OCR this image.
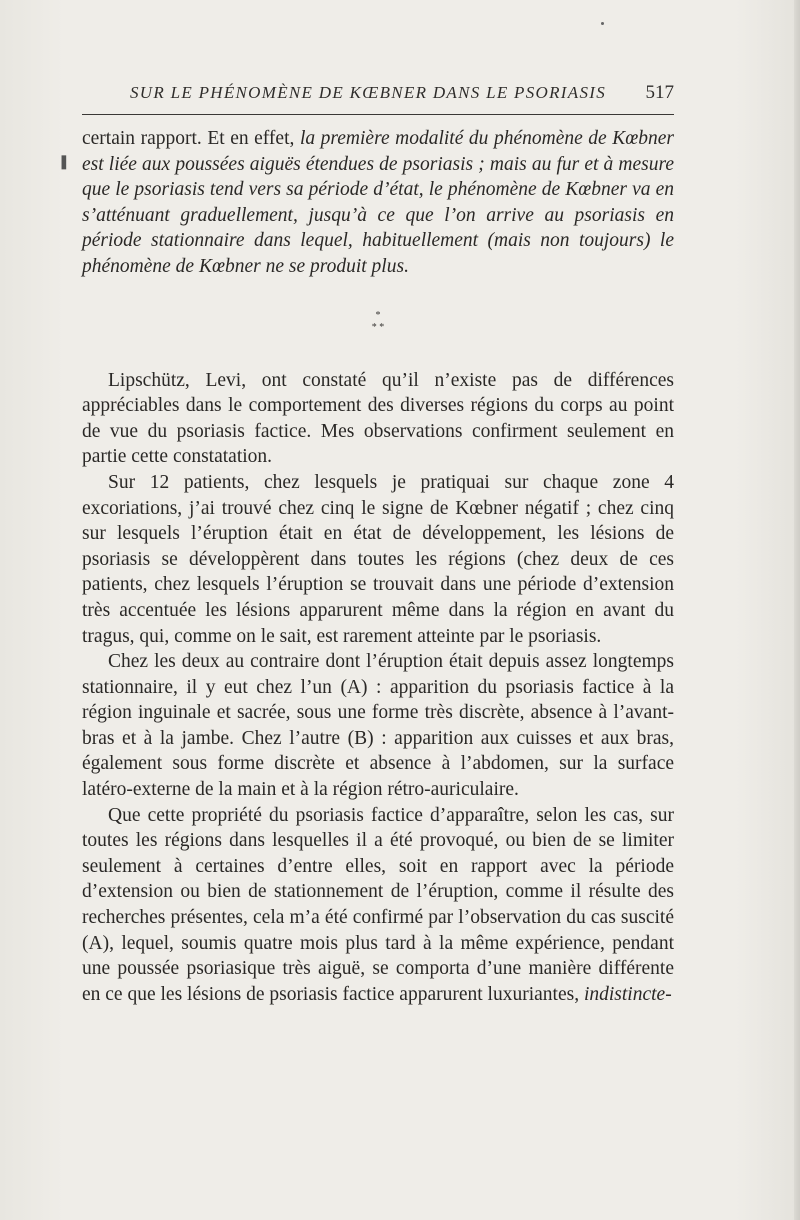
SUR LE PHÉNOMÈNE DE KŒBNER DANS LE PSORIASIS 517
❚

certain rapport. Et en effet, la première modalité du phénomène de Kœbner est liée aux poussées aiguës étendues de psoriasis ; mais au fur et à mesure que le psoriasis tend vers sa période d’état, le phénomène de Kœbner va en s’atténuant graduellement, jusqu’à ce que l’on arrive au psoriasis en période stationnaire dans lequel, habituellement (mais non toujours) le phénomène de Kœbner ne se produit plus.

*
* *

Lipschütz, Levi, ont constaté qu’il n’existe pas de différences appréciables dans le comportement des diverses régions du corps au point de vue du psoriasis factice. Mes observations confirment seulement en partie cette constatation.

Sur 12 patients, chez lesquels je pratiquai sur chaque zone 4 excoriations, j’ai trouvé chez cinq le signe de Kœbner négatif ; chez cinq sur lesquels l’éruption était en état de développement, les lésions de psoriasis se développèrent dans toutes les régions (chez deux de ces patients, chez lesquels l’éruption se trouvait dans une période d’extension très accentuée les lésions apparurent même dans la région en avant du tragus, qui, comme on le sait, est rarement atteinte par le psoriasis.

Chez les deux au contraire dont l’éruption était depuis assez longtemps stationnaire, il y eut chez l’un (A) : apparition du psoriasis factice à la région inguinale et sacrée, sous une forme très discrète, absence à l’avant-bras et à la jambe. Chez l’autre (B) : apparition aux cuisses et aux bras, également sous forme discrète et absence à l’abdomen, sur la surface latéro-externe de la main et à la région rétro-auriculaire.

Que cette propriété du psoriasis factice d’apparaître, selon les cas, sur toutes les régions dans lesquelles il a été provoqué, ou bien de se limiter seulement à certaines d’entre elles, soit en rapport avec la période d’extension ou bien de stationnement de l’éruption, comme il résulte des recherches présentes, cela m’a été confirmé par l’observation du cas suscité (A), lequel, soumis quatre mois plus tard à la même expérience, pendant une poussée psoriasique très aiguë, se comporta d’une manière différente en ce que les lésions de psoriasis factice apparurent luxuriantes, indistincte-
